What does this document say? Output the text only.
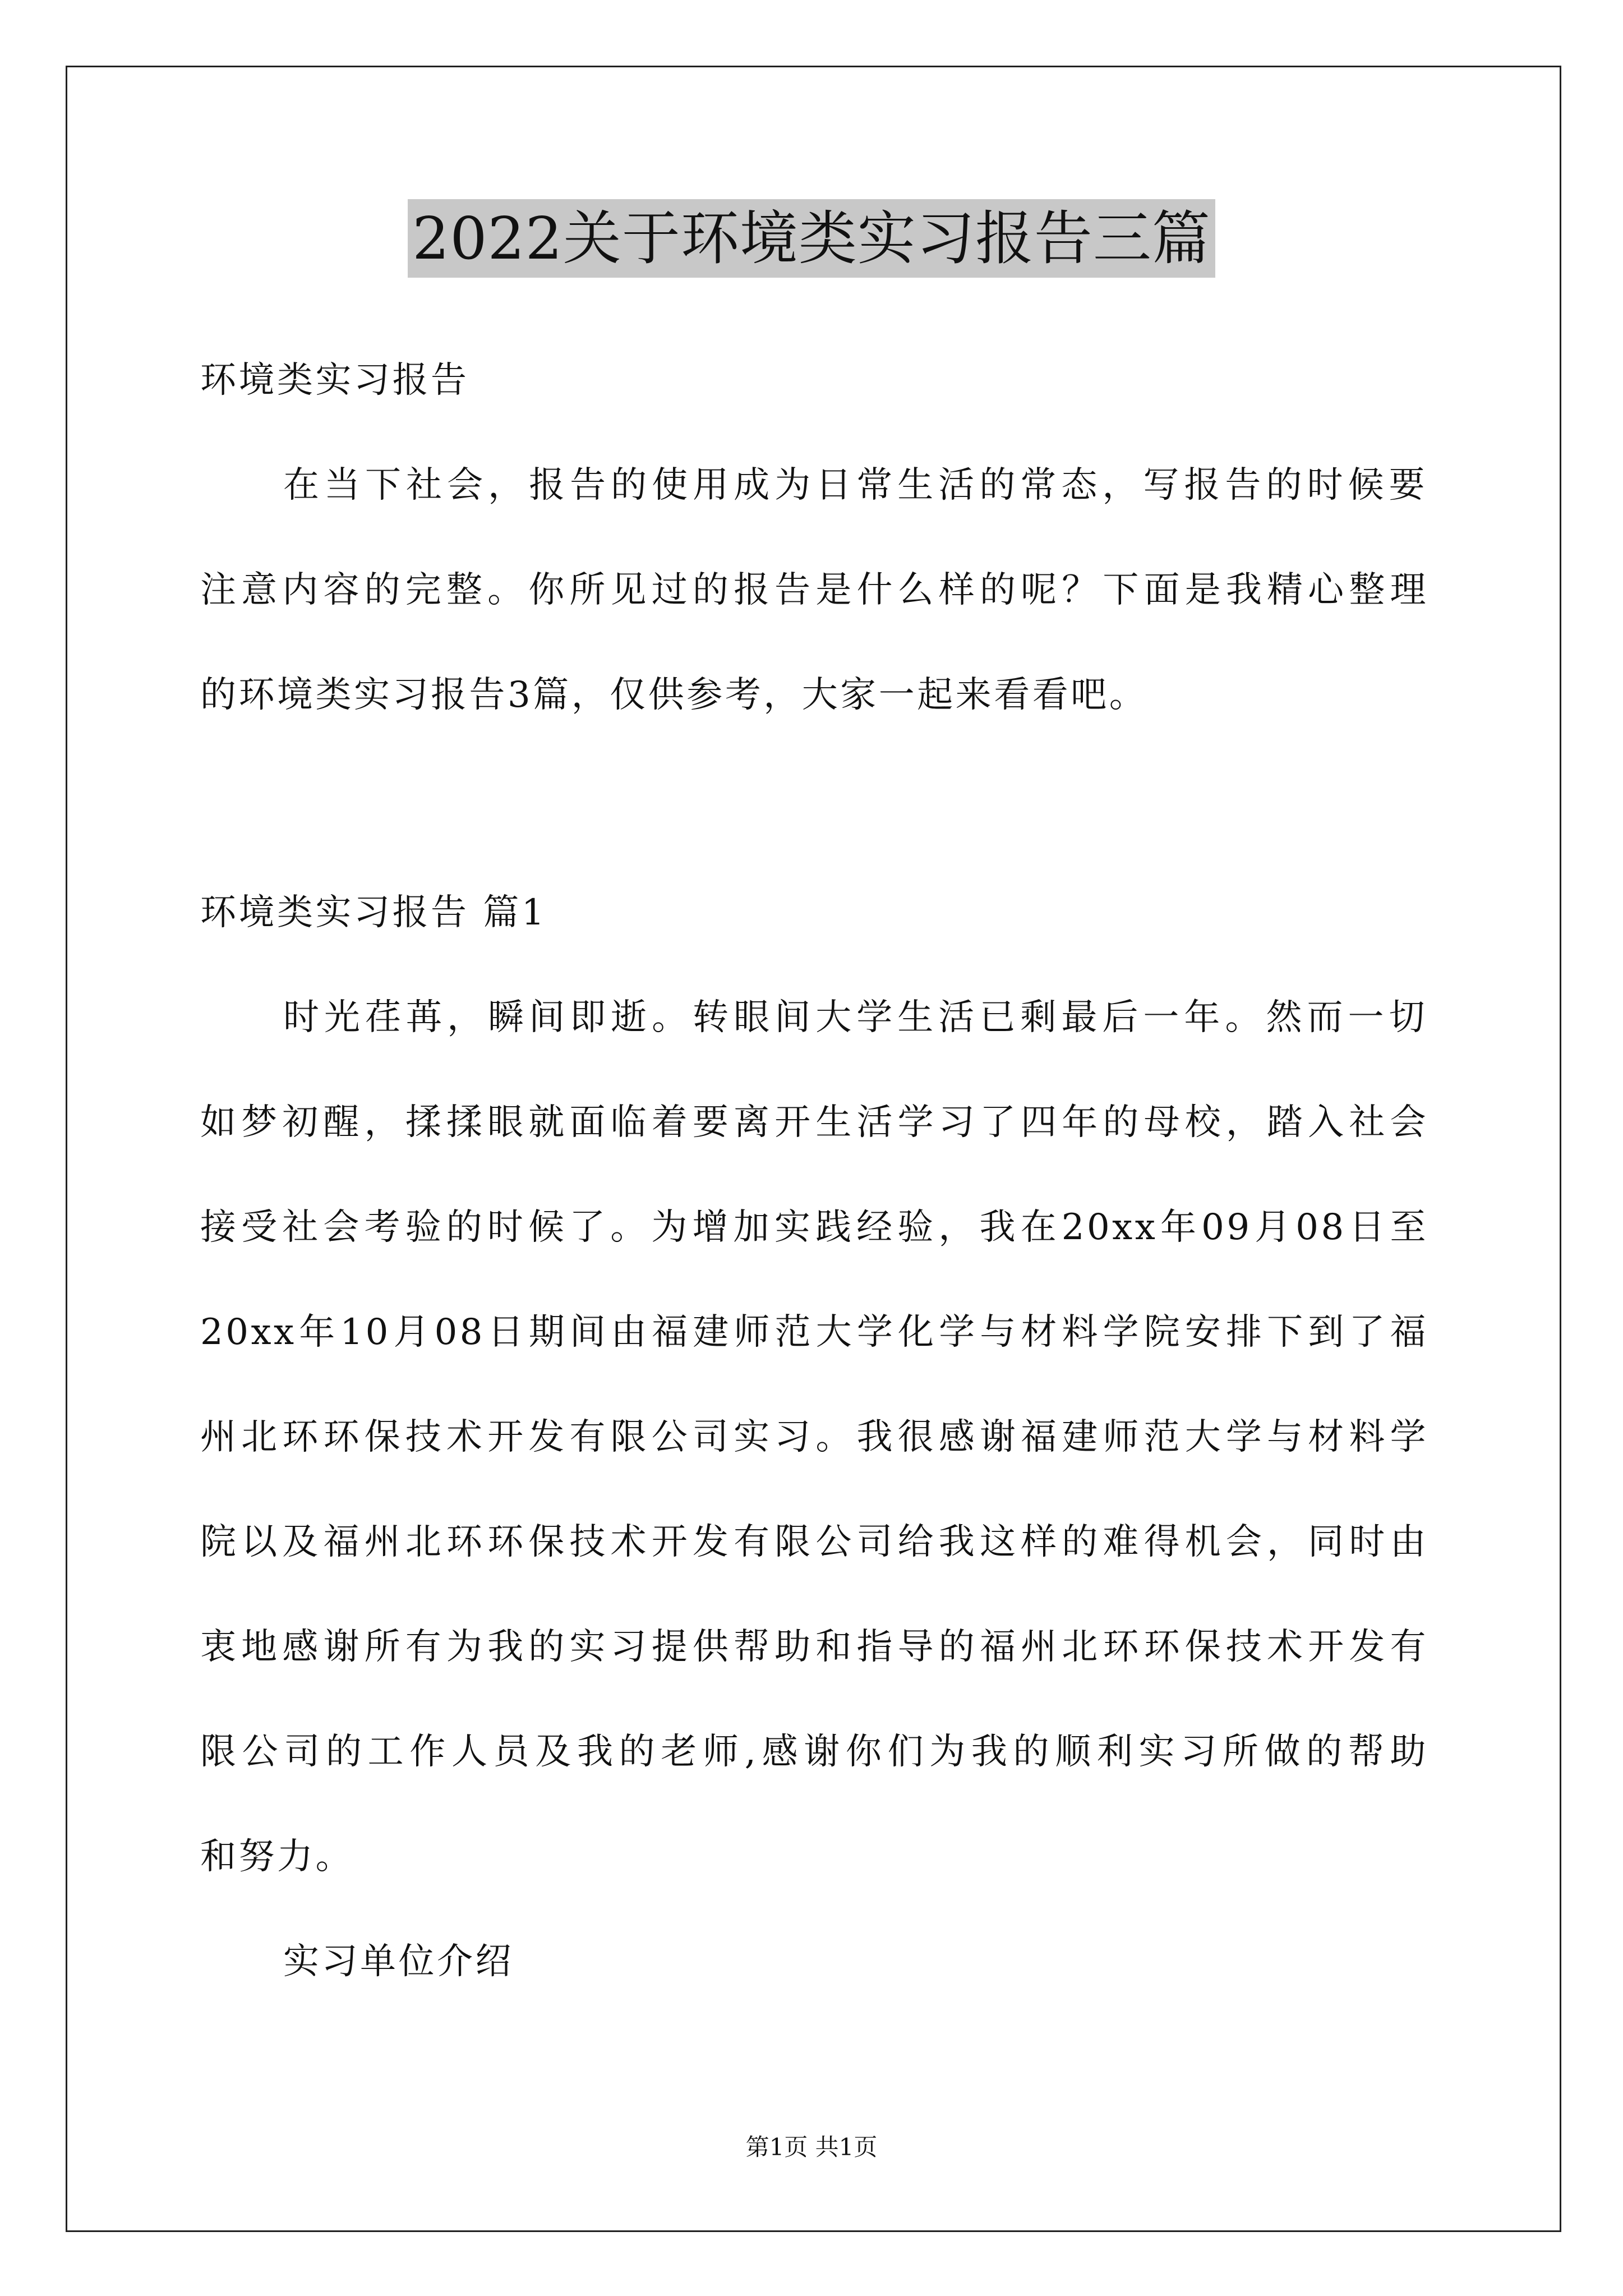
2022关于环境类实习报告三篇
环境类实习报告
在当下社会，报告的使用成为日常生活的常态，写报告的时候要
注意内容的完整。你所见过的报告是什么样的呢？下面是我精心整理
的环境类实习报告3篇，仅供参考，大家一起来看看吧。
环境类实习报告 篇1
时光荏苒，瞬间即逝。转眼间大学生活已剩最后一年。然而一切
如梦初醒，揉揉眼就面临着要离开生活学习了四年的母校，踏入社会
接受社会考验的时候了。为增加实践经验，我在20xx年09月08日至
20xx年10月08日期间由福建师范大学化学与材料学院安排下到了福
州北环环保技术开发有限公司实习。我很感谢福建师范大学与材料学
院以及福州北环环保技术开发有限公司给我这样的难得机会，同时由
衷地感谢所有为我的实习提供帮助和指导的福州北环环保技术开发有
限公司的工作人员及我的老师,感谢你们为我的顺利实习所做的帮助
和努力。
实习单位介绍
第1页 共1页
